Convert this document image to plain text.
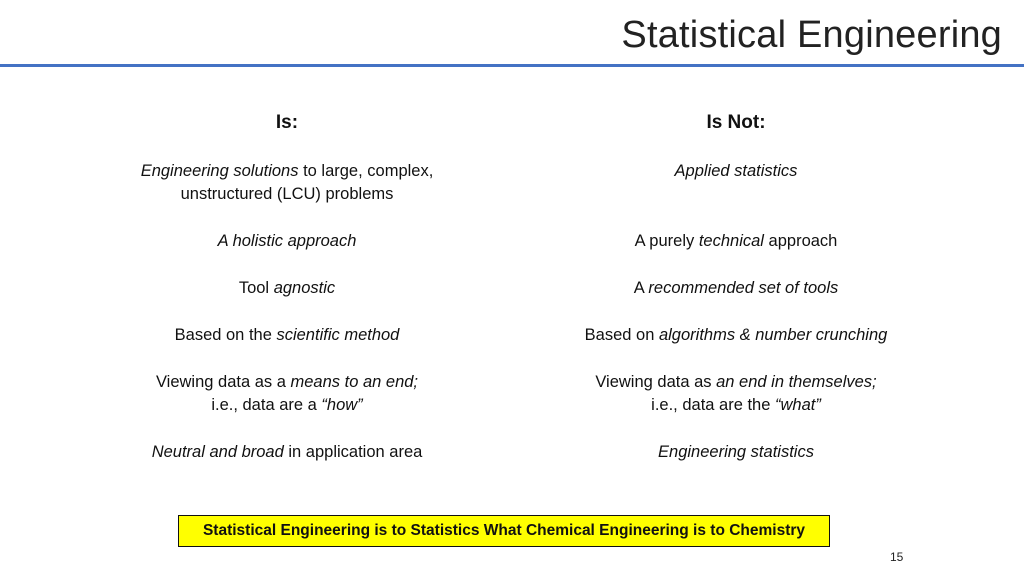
Statistical Engineering
Is:
Engineering solutions to large, complex,
unstructured (LCU) problems
A holistic approach
Tool agnostic
Based on the scientific method
Viewing data as a means to an end;
i.e., data are a “how”
Neutral and broad in application area
Is Not:
Applied statistics
A purely technical approach
A recommended set of tools
Based on algorithms & number crunching
Viewing data as an end in themselves;
i.e., data are the “what”
Engineering statistics
Statistical Engineering is to Statistics What Chemical Engineering is to Chemistry
15
